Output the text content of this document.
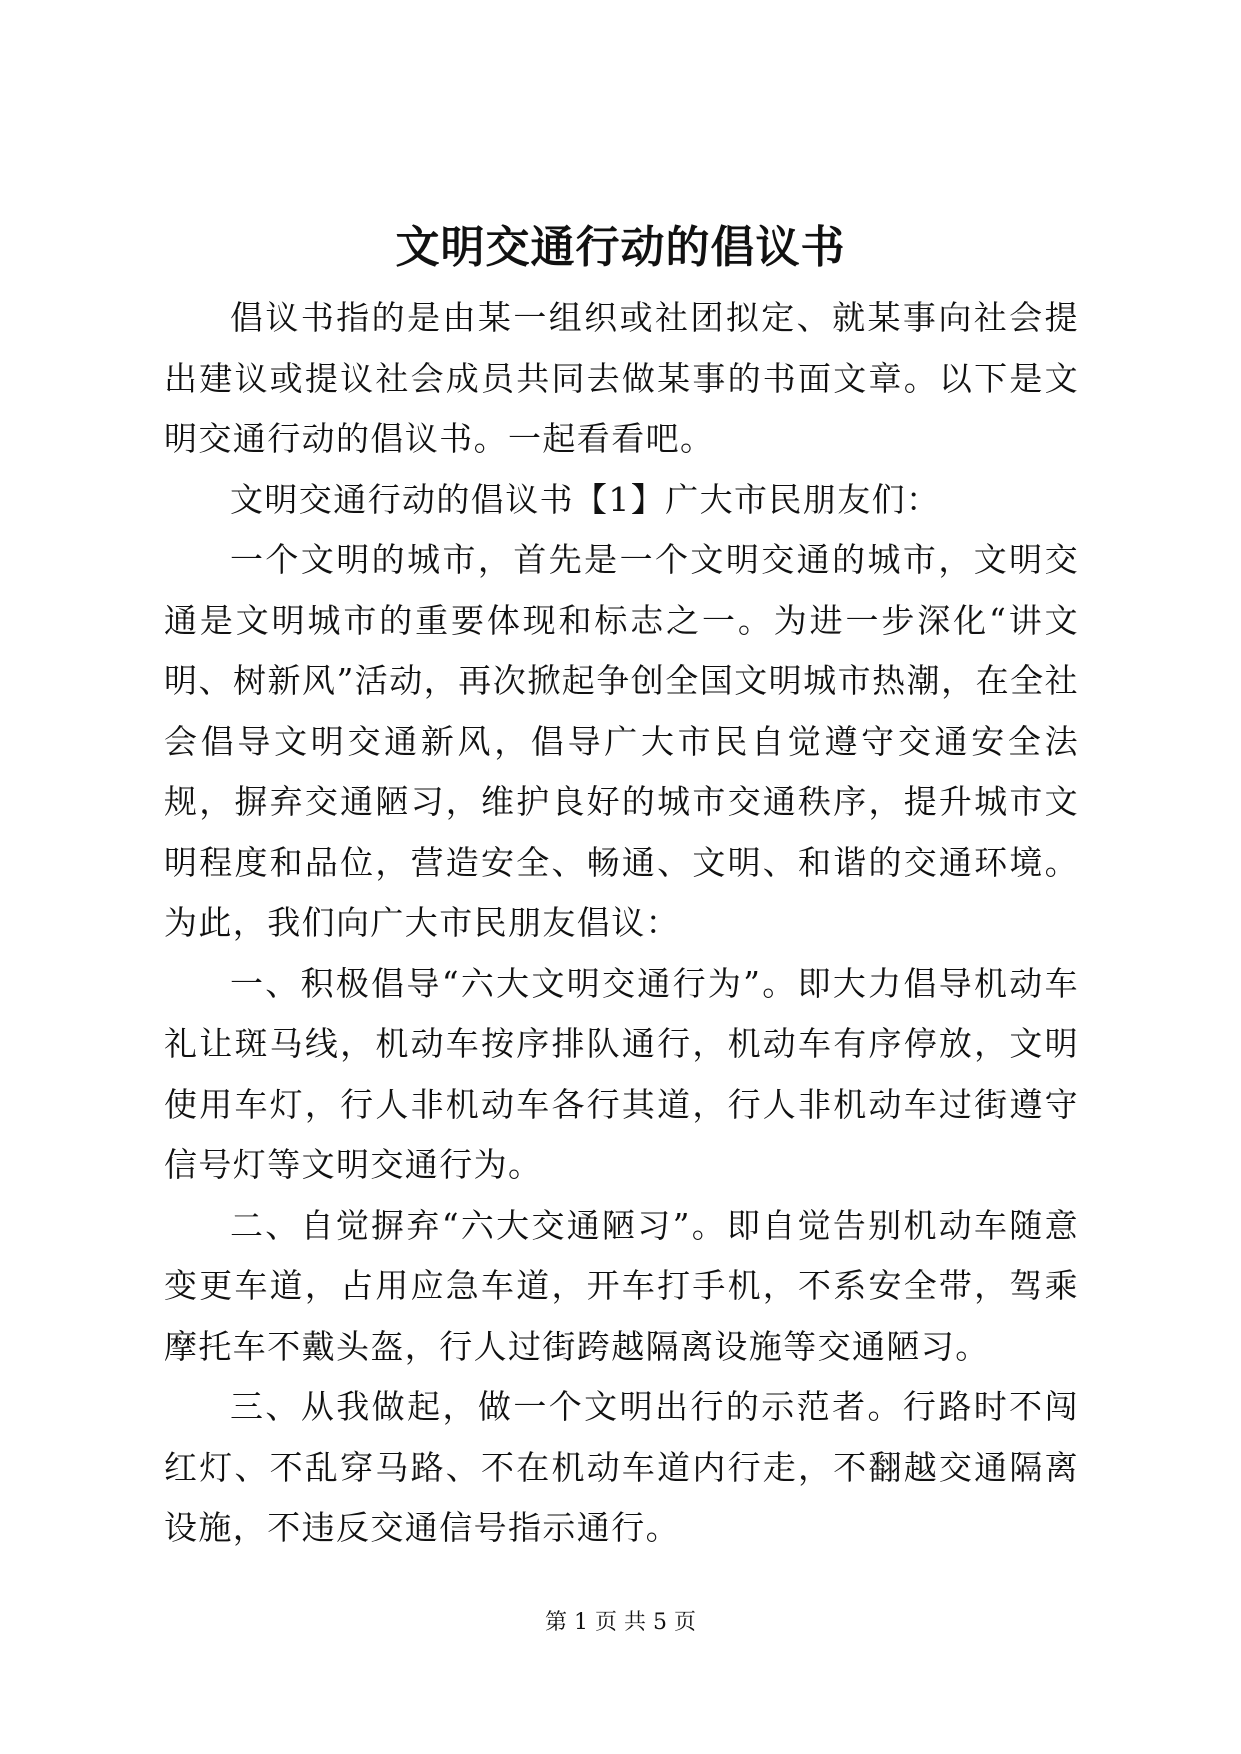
文明交通行动的倡议书

倡议书指的是由某一组织或社团拟定、就某事向社会提出建议或提议社会成员共同去做某事的书面文章。以下是文明交通行动的倡议书。一起看看吧。

文明交通行动的倡议书【1】广大市民朋友们：

一个文明的城市，首先是一个文明交通的城市，文明交通是文明城市的重要体现和标志之一。为进一步深化“讲文明、树新风”活动，再次掀起争创全国文明城市热潮，在全社会倡导文明交通新风，倡导广大市民自觉遵守交通安全法规，摒弃交通陋习，维护良好的城市交通秩序，提升城市文明程度和品位，营造安全、畅通、文明、和谐的交通环境。为此，我们向广大市民朋友倡议：

一、积极倡导“六大文明交通行为”。即大力倡导机动车礼让斑马线，机动车按序排队通行，机动车有序停放，文明使用车灯，行人非机动车各行其道，行人非机动车过街遵守信号灯等文明交通行为。

二、自觉摒弃“六大交通陋习”。即自觉告别机动车随意变更车道，占用应急车道，开车打手机，不系安全带，驾乘摩托车不戴头盔，行人过街跨越隔离设施等交通陋习。

三、从我做起，做一个文明出行的示范者。行路时不闯红灯、不乱穿马路、不在机动车道内行走，不翻越交通隔离设施，不违反交通信号指示通行。

第 1 页 共 5 页
